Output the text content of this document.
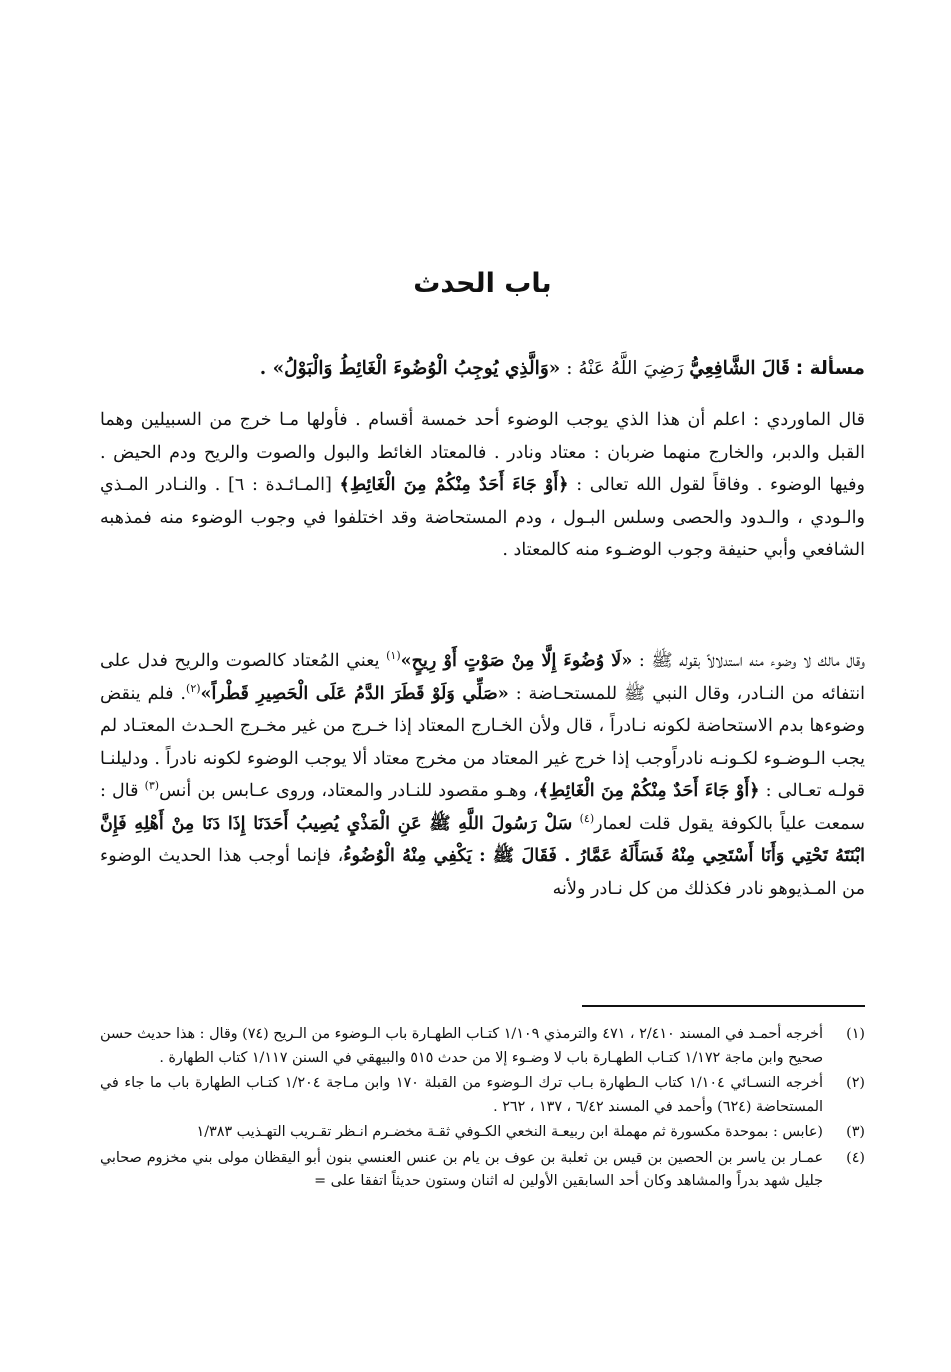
باب الحدث
مسألة : قَالَ الشَّافِعِيُّ رَضِيَ اللَّهُ عَنْهُ : «وَالَّذِي يُوجِبُ الْوُضُوءَ الْغَائِطُ وَالْبَوْلُ» .
قال الماوردي : اعلم أن هذا الذي يوجب الوضوء أحد خمسة أقسام . فأولها مـا خرج من السبيلين وهما القبل والدبر، والخارج منهما ضربان : معتاد ونادر . فالمعتاد الغائط والبول والصوت والريح ودم الحيض . وفيها الوضوء . وفاقاً لقول الله تعالى : ﴿أَوْ جَاءَ أَحَدٌ مِنْكُمْ مِنَ الْغَائِطِ﴾ [المـائـدة : ٦] . والنـادر المـذي والـودي ، والـدود والحصى وسلس البـول ، ودم المستحاضة وقد اختلفوا في وجوب الوضوء منه فمذهبه الشافعي وأبي حنيفة وجوب الوضـوء منه كالمعتاد .
وقال مالك لا وضوء منه استدلالاً بقوله ﷺ : «لَا وُضُوءَ إِلَّا مِنْ صَوْتٍ أَوْ رِيحٍ»$^{(١)}$ يعني المُعتاد كالصوت والريح فدل على انتفائه من النـادر، وقال النبي ﷺ للمستحـاضة : «صَلِّي وَلَوْ قَطَرَ الدَّمُ عَلَى الْحَصِيرِ قَطْراً»$^{(٢)}$. فلم ينقض وضوءها بدم الاستحاضة لكونه نـادراً ، قال ولأن الخـارج المعتاد إذا خـرج من غير مخـرج الحـدث المعتـاد لم يجب الـوضـوء لكـونـه نادراًوجب إذا خرج غير المعتاد من مخرج معتاد ألا يوجب الوضوء لكونه نادراً . ودليلنـا قولـه تعـالى : ﴿أَوْ جَاءَ أَحَدٌ مِنْكُمْ مِنَ الْغَائِطِ﴾، وهـو مقصود للنـادر والمعتاد، وروى عـابس بن أنس$^{(٣)}$ قال : سمعت علياً بالكوفة يقول قلت لعمار$^{(٤)}$ سَلْ رَسُولَ اللَّهِ ﷺ عَنِ الْمَذْيِ يُصِيبُ أَحَدَنَا إِذَا دَنَا مِنْ أَهْلِهِ فَإِنَّ ابْنَتَهُ تَحْتِي وَأَنَا أَسْتَحِي مِنْهُ فَسَأَلَهُ عَمَّارُ . فَقَالَ ﷺ : يَكْفِي مِنْهُ الْوُضُوءُ، فإنما أوجب هذا الحديث الوضوء من المـذيوهو نادر فكذلك من كل نـادر ولأنه
(١)
أخرجه أحمـد في المسند ٢/٤١٠ ، ٤٧١ والترمذي ١/١٠٩ كتـاب الطهـارة باب الـوضوء من الـريح (٧٤) وقال : هذا حديث حسن صحيح وابن ماجة ١/١٧٢ كتـاب الطهـارة باب لا وضـوء إلا من حدث ٥١٥ والبيهقي في السنن ١/١١٧ كتاب الطهارة .
(٢)
أخرجه النسـائي ١/١٠٤ كتاب الـطهارة بـاب ترك الـوضوء من القبلة ١٧٠ وابن مـاجة ١/٢٠٤ كتـاب الطهارة باب ما جاء في المستحاضة (٦٢٤) وأحمد في المسند ٦/٤٢ ، ١٣٧ ، ٢٦٢ .
(٣)
(عابس : بموحدة مكسورة ثم مهملة ابن ربيعـة النخعي الكـوفي ثقـة مخضـرم انـظر تقـريب التهـذيب ١/٣٨٣
(٤)
عمـار بن ياسر بن الحصين بن قيس بن ثعلبة بن عوف بن يام بن عنس العنسي بنون أبو اليقظان مولى بني مخزوم صحابي جليل شهد بدراً والمشاهد وكان أحد السابقين الأولين له اثنان وستون حديثاً اتفقا على =
